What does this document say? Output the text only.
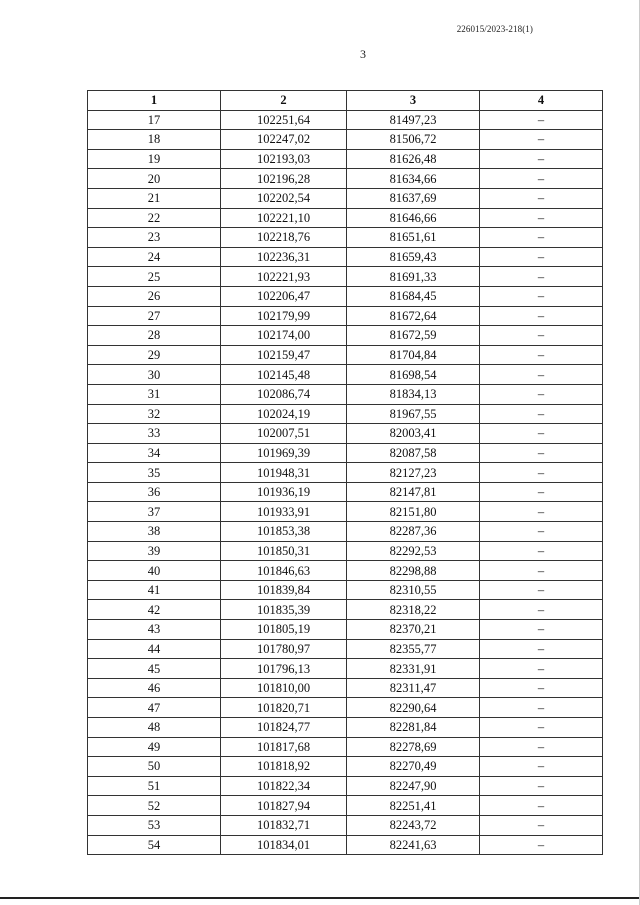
226015/2023-218(1)
3
1	2	3	4
17	102251,64	81497,23	–
18	102247,02	81506,72	–
19	102193,03	81626,48	–
20	102196,28	81634,66	–
21	102202,54	81637,69	–
22	102221,10	81646,66	–
23	102218,76	81651,61	–
24	102236,31	81659,43	–
25	102221,93	81691,33	–
26	102206,47	81684,45	–
27	102179,99	81672,64	–
28	102174,00	81672,59	–
29	102159,47	81704,84	–
30	102145,48	81698,54	–
31	102086,74	81834,13	–
32	102024,19	81967,55	–
33	102007,51	82003,41	–
34	101969,39	82087,58	–
35	101948,31	82127,23	–
36	101936,19	82147,81	–
37	101933,91	82151,80	–
38	101853,38	82287,36	–
39	101850,31	82292,53	–
40	101846,63	82298,88	–
41	101839,84	82310,55	–
42	101835,39	82318,22	–
43	101805,19	82370,21	–
44	101780,97	82355,77	–
45	101796,13	82331,91	–
46	101810,00	82311,47	–
47	101820,71	82290,64	–
48	101824,77	82281,84	–
49	101817,68	82278,69	–
50	101818,92	82270,49	–
51	101822,34	82247,90	–
52	101827,94	82251,41	–
53	101832,71	82243,72	–
54	101834,01	82241,63	–
